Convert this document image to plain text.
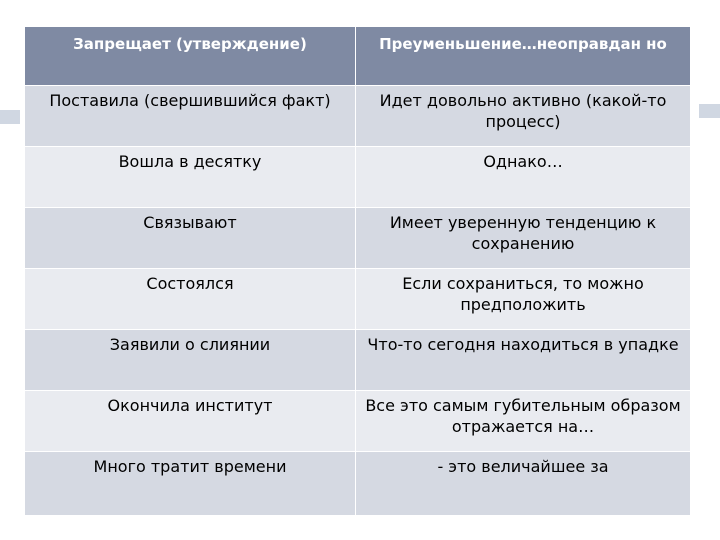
Запрещает (утверждение)	Преуменьшение…неоправдан но
Поставила (свершившийся факт)	Идет довольно активно (какой-то процесс)
Вошла в десятку	Однако…
Связывают	Имеет уверенную тенденцию к сохранению
Состоялся	Если сохраниться, то можно предположить
Заявили о слиянии	Что-то сегодня находиться в упадке
Окончила институт	Все это самым губительным образом отражается на…
Много тратит времени	- это величайшее за
